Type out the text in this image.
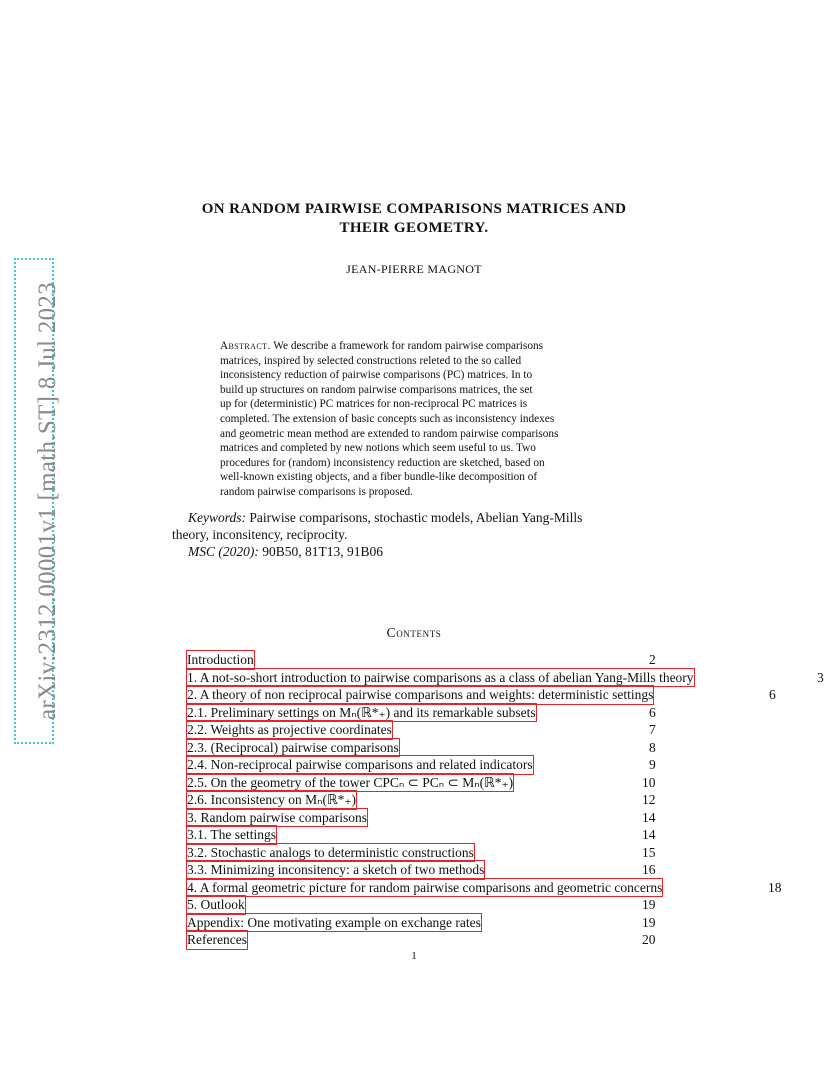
arXiv:2312.00001v1 [math.ST] 8 Jul 2023
ON RANDOM PAIRWISE COMPARISONS MATRICES AND
THEIR GEOMETRY.
JEAN-PIERRE MAGNOT
Abstract. We describe a framework for random pairwise comparisons
matrices, inspired by selected constructions releted to the so called
inconsistency reduction of pairwise comparisons (PC) matrices. In to
build up structures on random pairwise comparisons matrices, the set
up for (deterministic) PC matrices for non-reciprocal PC matrices is
completed. The extension of basic concepts such as inconsistency indexes
and geometric mean method are extended to random pairwise comparisons
matrices and completed by new notions which seem useful to us. Two
procedures for (random) inconsistency reduction are sketched, based on
well-known existing objects, and a fiber bundle-like decomposition of
random pairwise comparisons is proposed.
Keywords: Pairwise comparisons, stochastic models, Abelian Yang-Mills
theory, inconsitency, reciprocity.
MSC (2020): 90B50, 81T13, 91B06
Contents
Introduction	2
1. A not-so-short introduction to pairwise comparisons as a class of abelian Yang-Mills theory	3
2. A theory of non reciprocal pairwise comparisons and weights: deterministic settings	6
2.1. Preliminary settings on Mₙ(ℝ*₊) and its remarkable subsets	6
2.2. Weights as projective coordinates	7
2.3. (Reciprocal) pairwise comparisons	8
2.4. Non-reciprocal pairwise comparisons and related indicators	9
2.5. On the geometry of the tower CPCₙ ⊂ PCₙ ⊂ Mₙ(ℝ*₊)	10
2.6. Inconsistency on Mₙ(ℝ*₊)	12
3. Random pairwise comparisons	14
3.1. The settings	14
3.2. Stochastic analogs to deterministic constructions	15
3.3. Minimizing inconsitency: a sketch of two methods	16
4. A formal geometric picture for random pairwise comparisons and geometric concerns	18
5. Outlook	19
Appendix: One motivating example on exchange rates	19
References	20
1
